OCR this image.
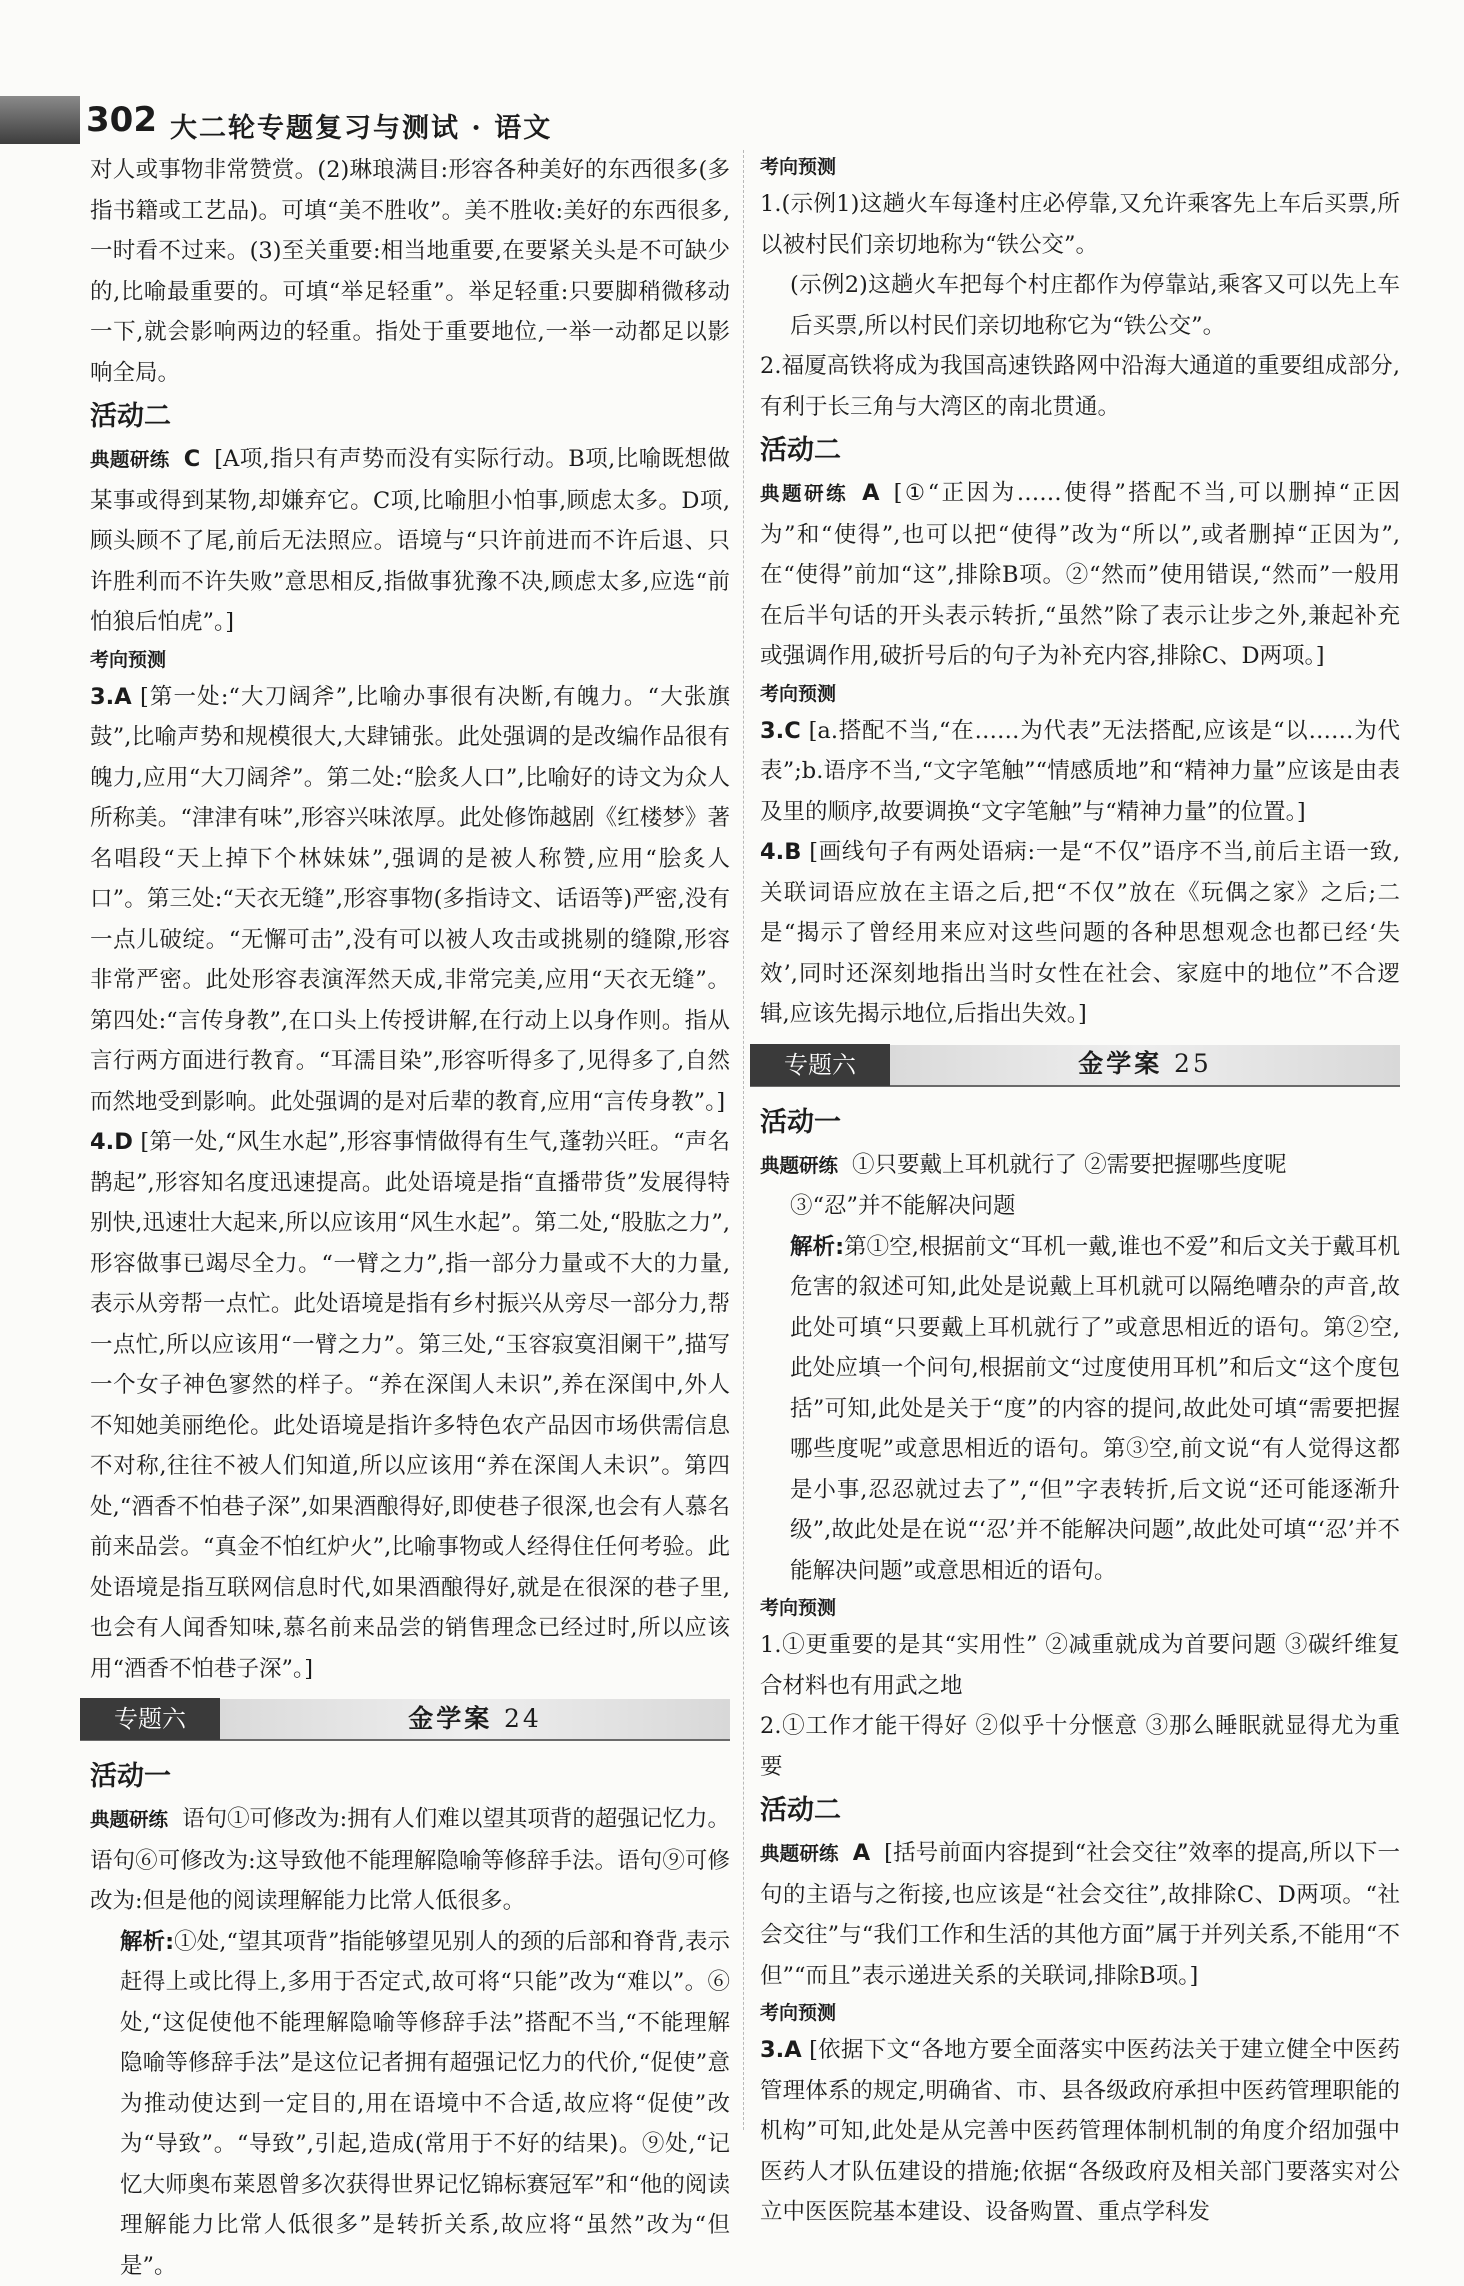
302 大二轮专题复习与测试 · 语文

对人或事物非常赞赏。(2)琳琅满目:形容各种美好的东西很多(多指书籍或工艺品)。可填“美不胜收”。美不胜收:美好的东西很多,一时看不过来。(3)至关重要:相当地重要,在要紧关头是不可缺少的,比喻最重要的。可填“举足轻重”。举足轻重:只要脚稍微移动一下,就会影响两边的轻重。指处于重要地位,一举一动都足以影响全局。

活动二

典题研练 C [A项,指只有声势而没有实际行动。B项,比喻既想做某事或得到某物,却嫌弃它。C项,比喻胆小怕事,顾虑太多。D项,顾头顾不了尾,前后无法照应。语境与“只许前进而不许后退、只许胜利而不许失败”意思相反,指做事犹豫不决,顾虑太多,应选“前怕狼后怕虎”。]

考向预测

3.A [第一处:“大刀阔斧”,比喻办事很有决断,有魄力。“大张旗鼓”,比喻声势和规模很大,大肆铺张。此处强调的是改编作品很有魄力,应用“大刀阔斧”。第二处:“脍炙人口”,比喻好的诗文为众人所称美。“津津有味”,形容兴味浓厚。此处修饰越剧《红楼梦》著名唱段“天上掉下个林妹妹”,强调的是被人称赞,应用“脍炙人口”。第三处:“天衣无缝”,形容事物(多指诗文、话语等)严密,没有一点儿破绽。“无懈可击”,没有可以被人攻击或挑剔的缝隙,形容非常严密。此处形容表演浑然天成,非常完美,应用“天衣无缝”。第四处:“言传身教”,在口头上传授讲解,在行动上以身作则。指从言行两方面进行教育。“耳濡目染”,形容听得多了,见得多了,自然而然地受到影响。此处强调的是对后辈的教育,应用“言传身教”。]

4.D [第一处,“风生水起”,形容事情做得有生气,蓬勃兴旺。“声名鹊起”,形容知名度迅速提高。此处语境是指“直播带货”发展得特别快,迅速壮大起来,所以应该用“风生水起”。第二处,“股肱之力”,形容做事已竭尽全力。“一臂之力”,指一部分力量或不大的力量,表示从旁帮一点忙。此处语境是指有乡村振兴从旁尽一部分力,帮一点忙,所以应该用“一臂之力”。第三处,“玉容寂寞泪阑干”,描写一个女子神色寥然的样子。“养在深闺人未识”,养在深闺中,外人不知她美丽绝伦。此处语境是指许多特色农产品因市场供需信息不对称,往往不被人们知道,所以应该用“养在深闺人未识”。第四处,“酒香不怕巷子深”,如果酒酿得好,即使巷子很深,也会有人慕名前来品尝。“真金不怕红炉火”,比喻事物或人经得住任何考验。此处语境是指互联网信息时代,如果酒酿得好,就是在很深的巷子里,也会有人闻香知味,慕名前来品尝的销售理念已经过时,所以应该用“酒香不怕巷子深”。]

专题六	金学案 24
活动一

典题研练 语句①可修改为:拥有人们难以望其项背的超强记忆力。语句⑥可修改为:这导致他不能理解隐喻等修辞手法。语句⑨可修改为:但是他的阅读理解能力比常人低很多。

解析:①处,“望其项背”指能够望见别人的颈的后部和脊背,表示赶得上或比得上,多用于否定式,故可将“只能”改为“难以”。⑥处,“这促使他不能理解隐喻等修辞手法”搭配不当,“不能理解隐喻等修辞手法”是这位记者拥有超强记忆力的代价,“促使”意为推动使达到一定目的,用在语境中不合适,故应将“促使”改为“导致”。“导致”,引起,造成(常用于不好的结果)。⑨处,“记忆大师奥布莱恩曾多次获得世界记忆锦标赛冠军”和“他的阅读理解能力比常人低很多”是转折关系,故应将“虽然”改为“但是”。

考向预测

1.(示例1)这趟火车每逢村庄必停靠,又允许乘客先上车后买票,所以被村民们亲切地称为“铁公交”。

(示例2)这趟火车把每个村庄都作为停靠站,乘客又可以先上车后买票,所以村民们亲切地称它为“铁公交”。

2.福厦高铁将成为我国高速铁路网中沿海大通道的重要组成部分,有利于长三角与大湾区的南北贯通。

活动二

典题研练 A [①“正因为……使得”搭配不当,可以删掉“正因为”和“使得”,也可以把“使得”改为“所以”,或者删掉“正因为”,在“使得”前加“这”,排除B项。②“然而”使用错误,“然而”一般用在后半句话的开头表示转折,“虽然”除了表示让步之外,兼起补充或强调作用,破折号后的句子为补充内容,排除C、D两项。]

考向预测

3.C [a.搭配不当,“在……为代表”无法搭配,应该是“以……为代表”;b.语序不当,“文字笔触”“情感质地”和“精神力量”应该是由表及里的顺序,故要调换“文字笔触”与“精神力量”的位置。]

4.B [画线句子有两处语病:一是“不仅”语序不当,前后主语一致,关联词语应放在主语之后,把“不仅”放在《玩偶之家》之后;二是“揭示了曾经用来应对这些问题的各种思想观念也都已经‘失效’,同时还深刻地指出当时女性在社会、家庭中的地位”不合逻辑,应该先揭示地位,后指出失效。]

专题六	金学案 25
活动一

典题研练 ①只要戴上耳机就行了 ②需要把握哪些度呢

③“忍”并不能解决问题

解析:第①空,根据前文“耳机一戴,谁也不爱”和后文关于戴耳机危害的叙述可知,此处是说戴上耳机就可以隔绝嘈杂的声音,故此处可填“只要戴上耳机就行了”或意思相近的语句。第②空,此处应填一个问句,根据前文“过度使用耳机”和后文“这个度包括”可知,此处是关于“度”的内容的提问,故此处可填“需要把握哪些度呢”或意思相近的语句。第③空,前文说“有人觉得这都是小事,忍忍就过去了”,“但”字表转折,后文说“还可能逐渐升级”,故此处是在说“‘忍’并不能解决问题”,故此处可填“‘忍’并不能解决问题”或意思相近的语句。

考向预测

1.①更重要的是其“实用性” ②减重就成为首要问题 ③碳纤维复合材料也有用武之地

2.①工作才能干得好 ②似乎十分惬意 ③那么睡眠就显得尤为重要

活动二

典题研练 A [括号前面内容提到“社会交往”效率的提高,所以下一句的主语与之衔接,也应该是“社会交往”,故排除C、D两项。“社会交往”与“我们工作和生活的其他方面”属于并列关系,不能用“不但”“而且”表示递进关系的关联词,排除B项。]

考向预测

3.A [依据下文“各地方要全面落实中医药法关于建立健全中医药管理体系的规定,明确省、市、县各级政府承担中医药管理职能的机构”可知,此处是从完善中医药管理体制机制的角度介绍加强中医药人才队伍建设的措施;依据“各级政府及相关部门要落实对公立中医医院基本建设、设备购置、重点学科发
